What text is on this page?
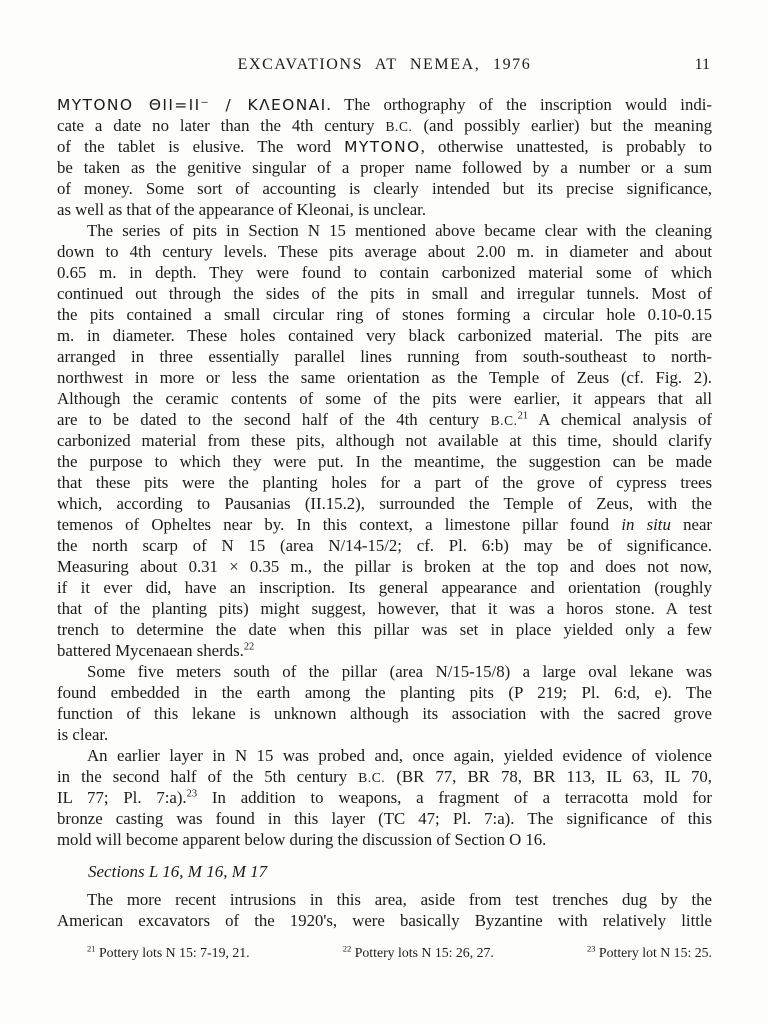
EXCAVATIONS AT NEMEA, 1976	11
MYTONO ΘΙΙ=ΙΙ⁻ / ΚΛΕΟΝΑΙ. The orthography of the inscription would indi-
cate a date no later than the 4th century B.C. (and possibly earlier) but the meaning
of the tablet is elusive. The word MYTONO, otherwise unattested, is probably to
be taken as the genitive singular of a proper name followed by a number or a sum
of money. Some sort of accounting is clearly intended but its precise significance,
as well as that of the appearance of Kleonai, is unclear.
The series of pits in Section N 15 mentioned above became clear with the cleaning
down to 4th century levels. These pits average about 2.00 m. in diameter and about
0.65 m. in depth. They were found to contain carbonized material some of which
continued out through the sides of the pits in small and irregular tunnels. Most of
the pits contained a small circular ring of stones forming a circular hole 0.10-0.15
m. in diameter. These holes contained very black carbonized material. The pits are
arranged in three essentially parallel lines running from south-southeast to north-
northwest in more or less the same orientation as the Temple of Zeus (cf. Fig. 2).
Although the ceramic contents of some of the pits were earlier, it appears that all
are to be dated to the second half of the 4th century B.C.$^{21}$ A chemical analysis of
carbonized material from these pits, although not available at this time, should clarify
the purpose to which they were put. In the meantime, the suggestion can be made
that these pits were the planting holes for a part of the grove of cypress trees
which, according to Pausanias (II.15.2), surrounded the Temple of Zeus, with the
temenos of Opheltes near by. In this context, a limestone pillar found in situ near
the north scarp of N 15 (area N/14-15/2; cf. Pl. 6:b) may be of significance.
Measuring about 0.31 × 0.35 m., the pillar is broken at the top and does not now,
if it ever did, have an inscription. Its general appearance and orientation (roughly
that of the planting pits) might suggest, however, that it was a horos stone. A test
trench to determine the date when this pillar was set in place yielded only a few
battered Mycenaean sherds.$^{22}$
Some five meters south of the pillar (area N/15-15/8) a large oval lekane was
found embedded in the earth among the planting pits (P 219; Pl. 6:d, e). The
function of this lekane is unknown although its association with the sacred grove
is clear.
An earlier layer in N 15 was probed and, once again, yielded evidence of violence
in the second half of the 5th century B.C. (BR 77, BR 78, BR 113, IL 63, IL 70,
IL 77; Pl. 7:a).$^{23}$ In addition to weapons, a fragment of a terracotta mold for
bronze casting was found in this layer (TC 47; Pl. 7:a). The significance of this
mold will become apparent below during the discussion of Section O 16.
Sections L 16, M 16, M 17
The more recent intrusions in this area, aside from test trenches dug by the
American excavators of the 1920's, were basically Byzantine with relatively little
$^{21}$ Pottery lots N 15: 7-19, 21.	$^{22}$ Pottery lots N 15: 26, 27.	$^{23}$ Pottery lot N 15: 25.
